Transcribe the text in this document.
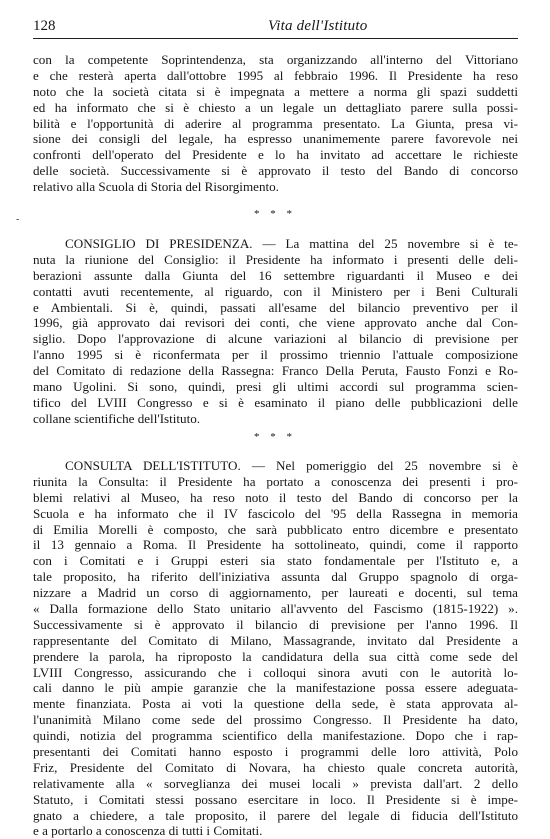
128	Vita dell'Istituto
con la competente Soprintendenza, sta organizzando all'interno del Vittoriano
e che resterà aperta dall'ottobre 1995 al febbraio 1996. Il Presidente ha reso
noto che la società citata si è impegnata a mettere a norma gli spazi suddetti
ed ha informato che si è chiesto a un legale un dettagliato parere sulla possi-
bilità e l'opportunità di aderire al programma presentato. La Giunta, presa vi-
sione dei consigli del legale, ha espresso unanimemente parere favorevole nei
confronti dell'operato del Presidente e lo ha invitato ad accettare le richieste
delle società. Successivamente si è approvato il testo del Bando di concorso
relativo alla Scuola di Storia del Risorgimento.
-	* * *
CONSIGLIO DI PRESIDENZA. — La mattina del 25 novembre si è te-
nuta la riunione del Consiglio: il Presidente ha informato i presenti delle deli-
berazioni assunte dalla Giunta del 16 settembre riguardanti il Museo e dei
contatti avuti recentemente, al riguardo, con il Ministero per i Beni Culturali
e Ambientali. Si è, quindi, passati all'esame del bilancio preventivo per il
1996, già approvato dai revisori dei conti, che viene approvato anche dal Con-
siglio. Dopo l'approvazione di alcune variazioni al bilancio di previsione per
l'anno 1995 si è riconfermata per il prossimo triennio l'attuale composizione
del Comitato di redazione della Rassegna: Franco Della Peruta, Fausto Fonzi e Ro-
mano Ugolini. Si sono, quindi, presi gli ultimi accordi sul programma scien-
tifico del LVIII Congresso e si è esaminato il piano delle pubblicazioni delle
collane scientifiche dell'Istituto.
* * *
CONSULTA DELL'ISTITUTO. — Nel pomeriggio del 25 novembre si è
riunita la Consulta: il Presidente ha portato a conoscenza dei presenti i pro-
blemi relativi al Museo, ha reso noto il testo del Bando di concorso per la
Scuola e ha informato che il IV fascicolo del '95 della Rassegna in memoria
di Emilia Morelli è composto, che sarà pubblicato entro dicembre e presentato
il 13 gennaio a Roma. Il Presidente ha sottolineato, quindi, come il rapporto
con i Comitati e i Gruppi esteri sia stato fondamentale per l'Istituto e, a
tale proposito, ha riferito dell'iniziativa assunta dal Gruppo spagnolo di orga-
nizzare a Madrid un corso di aggiornamento, per laureati e docenti, sul tema
« Dalla formazione dello Stato unitario all'avvento del Fascismo (1815-1922) ».
Successivamente si è approvato il bilancio di previsione per l'anno 1996. Il
rappresentante del Comitato di Milano, Massagrande, invitato dal Presidente a
prendere la parola, ha riproposto la candidatura della sua città come sede del
LVIII Congresso, assicurando che i colloqui sinora avuti con le autorità lo-
cali danno le più ampie garanzie che la manifestazione possa essere adeguata-
mente finanziata. Posta ai voti la questione della sede, è stata approvata al-
l'unanimità Milano come sede del prossimo Congresso. Il Presidente ha dato,
quindi, notizia del programma scientifico della manifestazione. Dopo che i rap-
presentanti dei Comitati hanno esposto i programmi delle loro attività, Polo
Friz, Presidente del Comitato di Novara, ha chiesto quale concreta autorità,
relativamente alla « sorveglianza dei musei locali » prevista dall'art. 2 dello
Statuto, i Comitati stessi possano esercitare in loco. Il Presidente si è impe-
gnato a chiedere, a tale proposito, il parere del legale di fiducia dell'Istituto
e a portarlo a conoscenza di tutti i Comitati.
